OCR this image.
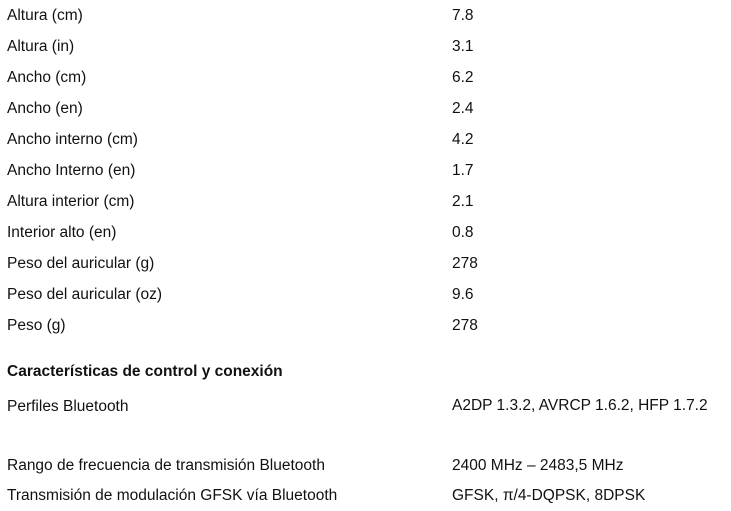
Altura (cm)	7.8
Altura (in)	3.1
Ancho (cm)	6.2
Ancho (en)	2.4
Ancho interno (cm)	4.2
Ancho Interno (en)	1.7
Altura interior (cm)	2.1
Interior alto (en)	0.8
Peso del auricular (g)	278
Peso del auricular (oz)	9.6
Peso (g)	278
Características de control y conexión
Perfiles Bluetooth	A2DP 1.3.2, AVRCP 1.6.2, HFP 1.7.2
Rango de frecuencia de transmisión Bluetooth	2400 MHz – 2483,5 MHz
Transmisión de modulación GFSK vía Bluetooth	GFSK, π/4-DQPSK, 8DPSK
